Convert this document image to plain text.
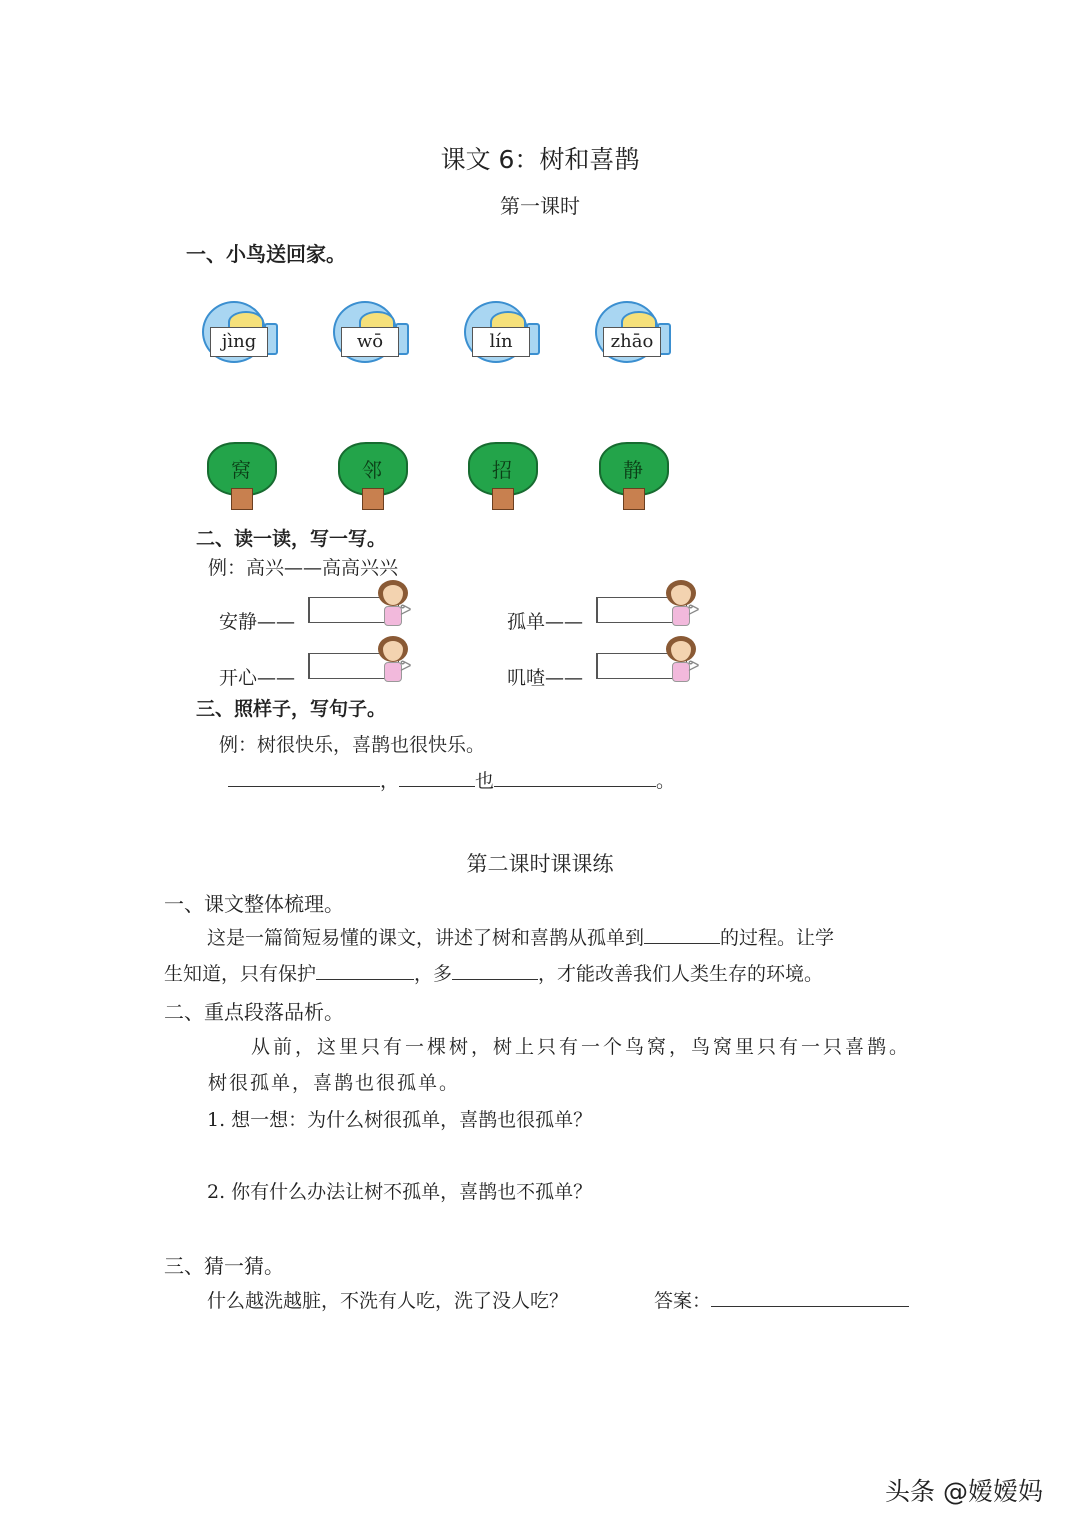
课文 6：树和喜鹊
第一课时
一、小鸟送回家。
jìng	wō	lín	zhāo
窝	邻	招	静
二、读一读，写一写。
例：高兴——高高兴兴
安静——
ᕗ
孤单——
ᕗ
开心——
ᕗ
叽喳——
ᕗ
三、照样子，写句子。
例：树很快乐，喜鹊也很快乐。
，	也	。
第二课时课课练
一、课文整体梳理。
这是一篇简短易懂的课文，讲述了树和喜鹊从孤单到	的过程。让学
生知道，只有保护	，多	，才能改善我们人类生存的环境。
二、重点段落品析。
从前，这里只有一棵树，树上只有一个鸟窝，鸟窝里只有一只喜鹊。
树很孤单，喜鹊也很孤单。
1. 想一想：为什么树很孤单，喜鹊也很孤单？
2. 你有什么办法让树不孤单，喜鹊也不孤单？
三、猜一猜。
什么越洗越脏，不洗有人吃，洗了没人吃？	答案：
头条 @嫒嫒妈
